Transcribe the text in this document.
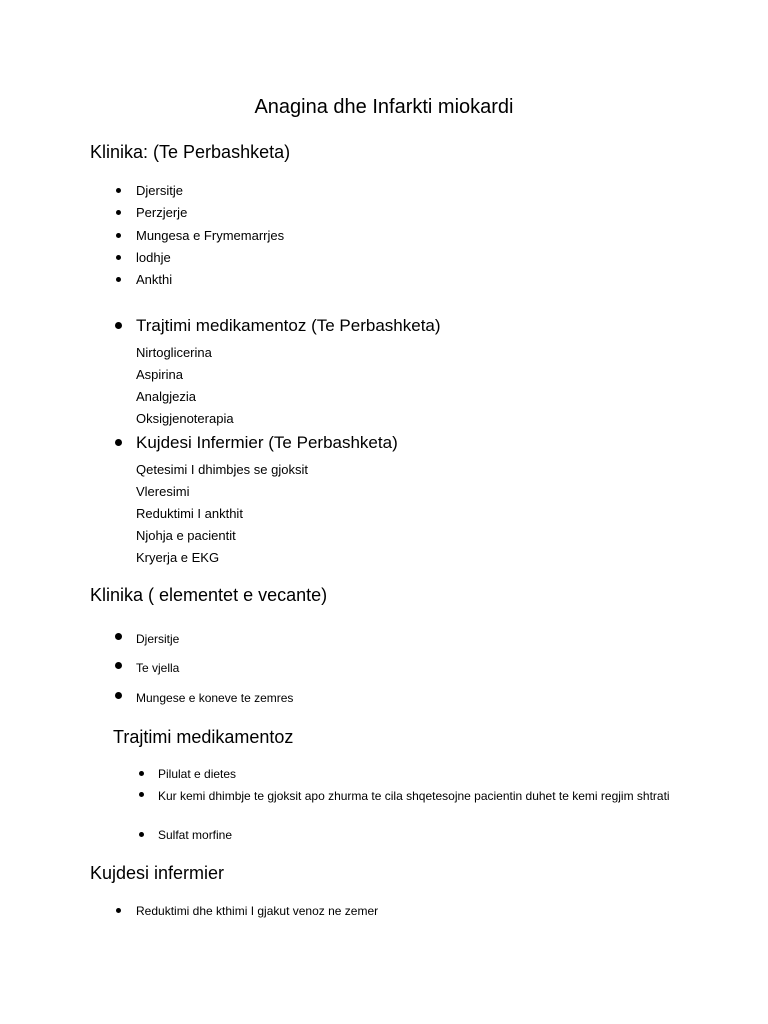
Anagina dhe Infarkti miokardi
Klinika: (Te Perbashketa)
Djersitje
Perzjerje
Mungesa e Frymemarrjes
lodhje
Ankthi
Trajtimi medikamentoz (Te Perbashketa)
Nirtoglicerina
Aspirina
Analgjezia
Oksigjenoterapia
Kujdesi Infermier (Te Perbashketa)
Qetesimi I dhimbjes se gjoksit
Vleresimi
Reduktimi I ankthit
Njohja e pacientit
Kryerja e EKG
Klinika ( elementet e vecante)
Djersitje
Te vjella
Mungese e koneve te zemres
Trajtimi medikamentoz
Pilulat e dietes
Kur kemi dhimbje te gjoksit apo zhurma te cila shqetesojne pacientin duhet te kemi regjim shtrati
Sulfat morfine
Kujdesi infermier
Reduktimi dhe kthimi I gjakut venoz ne zemer
